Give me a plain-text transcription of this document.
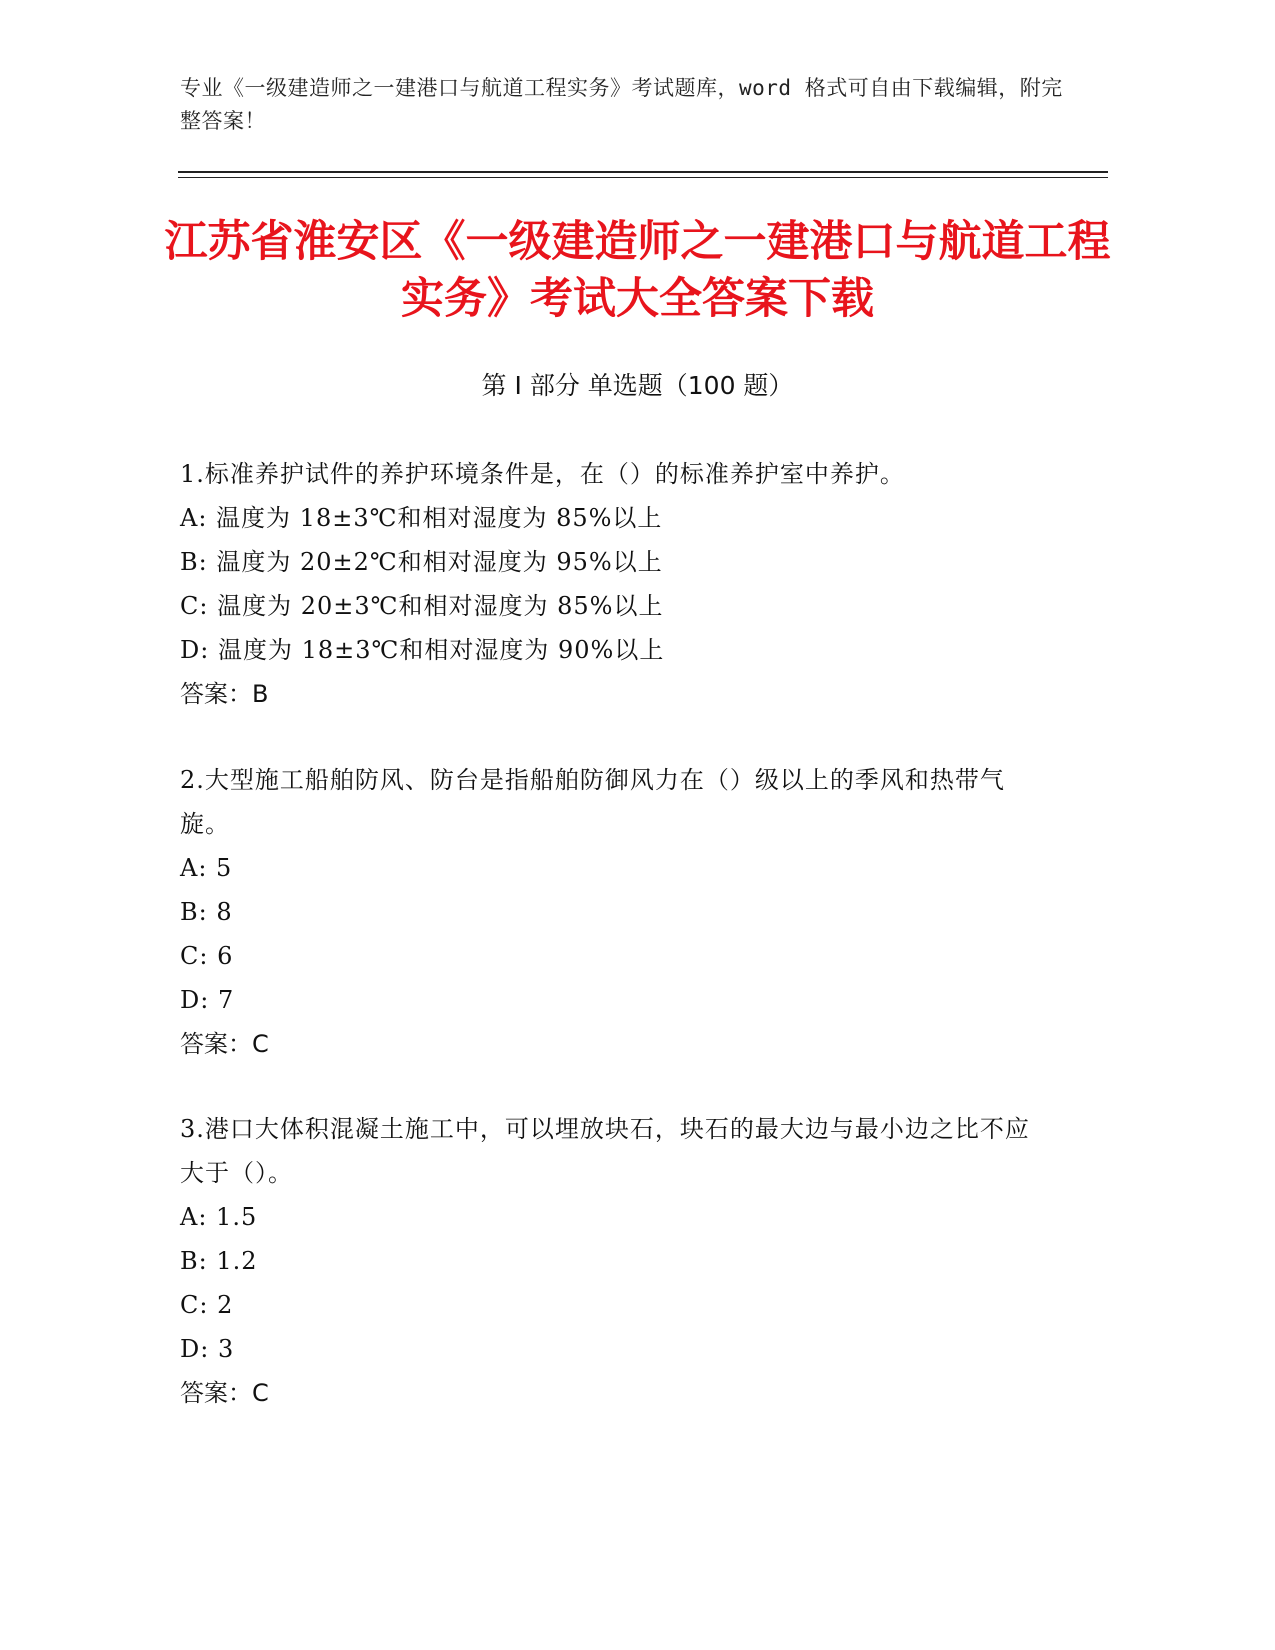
专业《一级建造师之一建港口与航道工程实务》考试题库，word 格式可自由下载编辑，附完整答案！
江苏省淮安区《一级建造师之一建港口与航道工程实务》考试大全答案下载
第 I 部分 单选题（100 题）
1.标准养护试件的养护环境条件是，在（）的标准养护室中养护。
A: 温度为 18±3℃和相对湿度为 85%以上
B: 温度为 20±2℃和相对湿度为 95%以上
C: 温度为 20±3℃和相对湿度为 85%以上
D: 温度为 18±3℃和相对湿度为 90%以上
答案：B
2.大型施工船舶防风、防台是指船舶防御风力在（）级以上的季风和热带气旋。
A: 5
B: 8
C: 6
D: 7
答案：C
3.港口大体积混凝土施工中，可以埋放块石，块石的最大边与最小边之比不应大于（）。
A: 1.5
B: 1.2
C: 2
D: 3
答案：C
